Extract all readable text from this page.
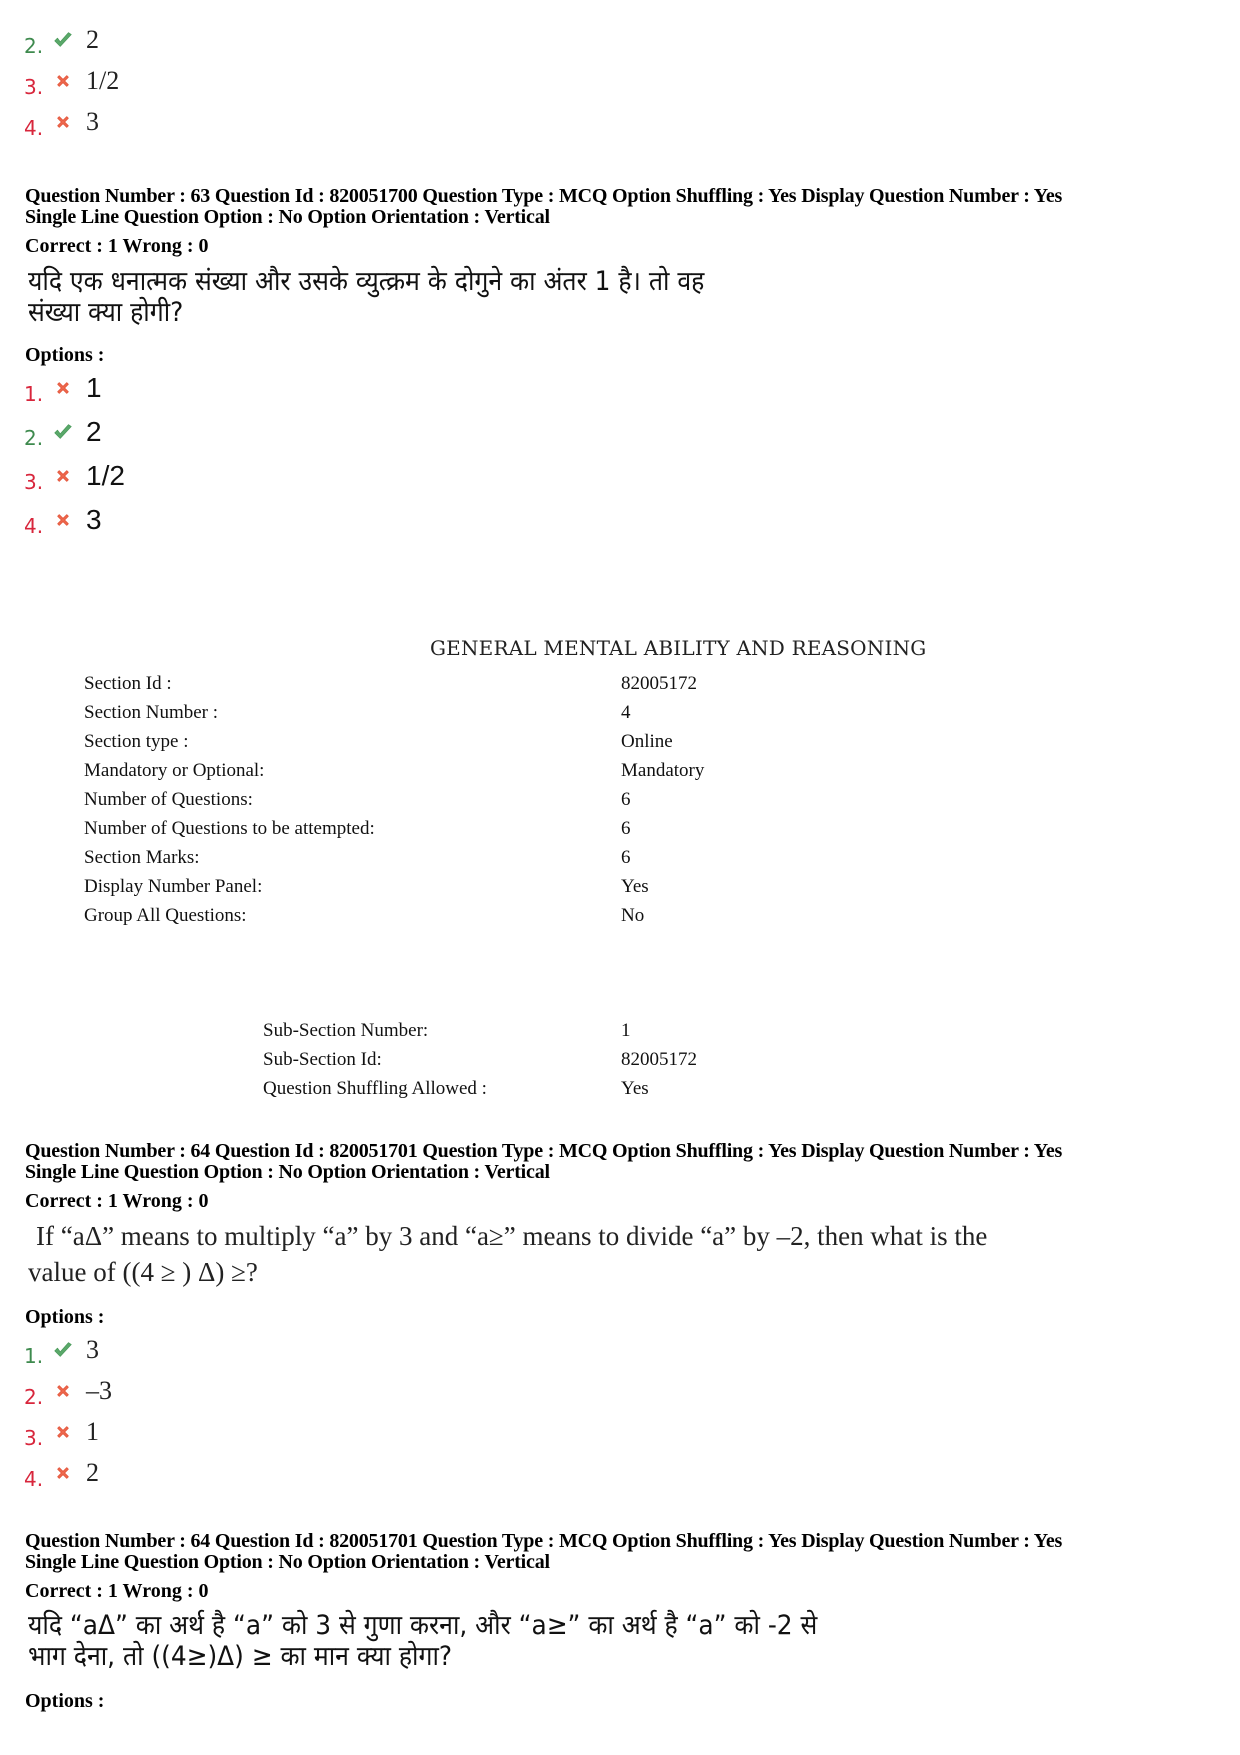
2. 2
3. 1/2
4. 3
Question Number : 63 Question Id : 820051700 Question Type : MCQ Option Shuffling : Yes Display Question Number : Yes
Single Line Question Option : No Option Orientation : Vertical
Correct : 1 Wrong : 0
यदि एक धनात्मक संख्या और उसके व्युत्क्रम के दोगुने का अंतर 1 है। तो वह
संख्या क्या होगी?
Options :
1. 1
2. 2
3. 1/2
4. 3
GENERAL MENTAL ABILITY AND REASONING
Section Id :	82005172
Section Number :	4
Section type :	Online
Mandatory or Optional:	Mandatory
Number of Questions:	6
Number of Questions to be attempted:	6
Section Marks:	6
Display Number Panel:	Yes
Group All Questions:	No
Sub-Section Number:	1
Sub-Section Id:	82005172
Question Shuffling Allowed :	Yes
Question Number : 64 Question Id : 820051701 Question Type : MCQ Option Shuffling : Yes Display Question Number : Yes
Single Line Question Option : No Option Orientation : Vertical
Correct : 1 Wrong : 0
If “aΔ” means to multiply “a” by 3 and “a≥” means to divide “a” by –2, then what is the
value of ((4 ≥ ) Δ) ≥?
Options :
1. 3
2. –3
3. 1
4. 2
Question Number : 64 Question Id : 820051701 Question Type : MCQ Option Shuffling : Yes Display Question Number : Yes
Single Line Question Option : No Option Orientation : Vertical
Correct : 1 Wrong : 0
यदि “aΔ” का अर्थ है “a” को 3 से गुणा करना, और “a≥” का अर्थ है “a” को -2 से
भाग देना, तो ((4≥)Δ) ≥ का मान क्या होगा?
Options :
